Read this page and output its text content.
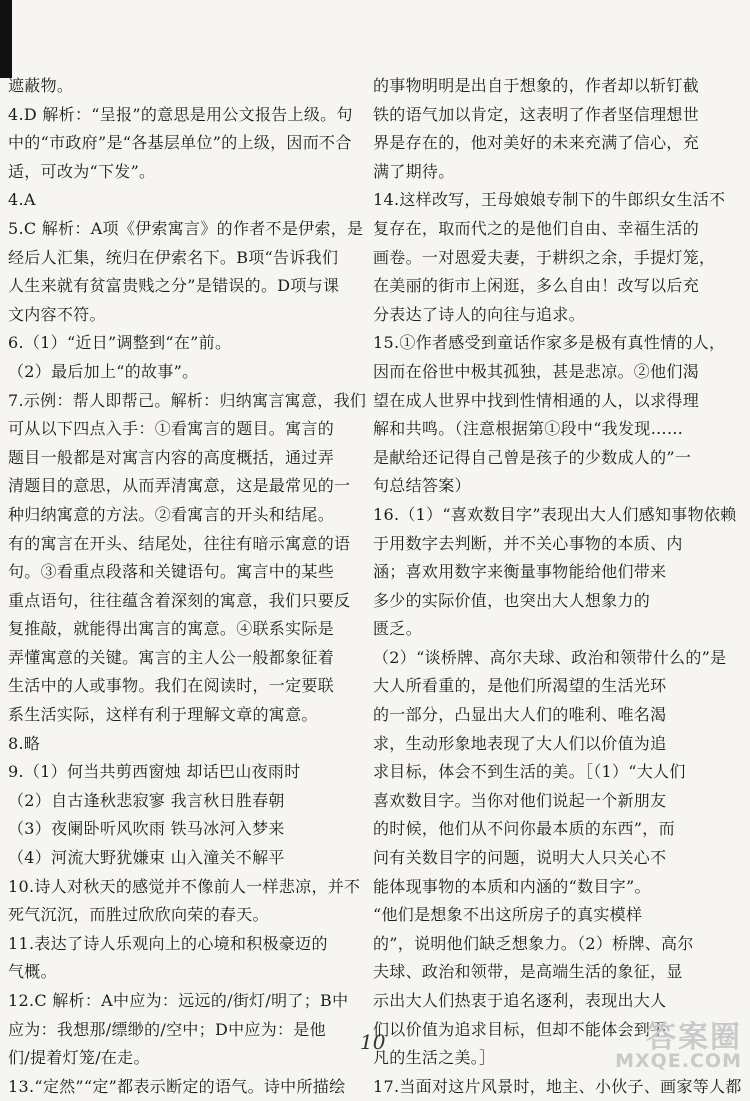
遮蔽物。
4.D 解析：“呈报”的意思是用公文报告上级。句
中的“市政府”是“各基层单位”的上级，因而不合
适，可改为“下发”。
4.A
5.C 解析：A项《伊索寓言》的作者不是伊索，是
经后人汇集，统归在伊索名下。B项“告诉我们
人生来就有贫富贵贱之分”是错误的。D项与课
文内容不符。
6.（1）“近日”调整到“在”前。
（2）最后加上“的故事”。
7.示例：帮人即帮己。解析：归纳寓言寓意，我们
可从以下四点入手：①看寓言的题目。寓言的
题目一般都是对寓言内容的高度概括，通过弄
清题目的意思，从而弄清寓意，这是最常见的一
种归纳寓意的方法。②看寓言的开头和结尾。
有的寓言在开头、结尾处，往往有暗示寓意的语
句。③看重点段落和关键语句。寓言中的某些
重点语句，往往蕴含着深刻的寓意，我们只要反
复推敲，就能得出寓言的寓意。④联系实际是
弄懂寓意的关键。寓言的主人公一般都象征着
生活中的人或事物。我们在阅读时，一定要联
系生活实际，这样有利于理解文章的寓意。
8.略
9.（1）何当共剪西窗烛 却话巴山夜雨时
（2）自古逢秋悲寂寥 我言秋日胜春朝
（3）夜阑卧听风吹雨 铁马冰河入梦来
（4）河流大野犹嫌束 山入潼关不解平
10.诗人对秋天的感觉并不像前人一样悲凉，并不
死气沉沉，而胜过欣欣向荣的春天。
11.表达了诗人乐观向上的心境和积极豪迈的
气概。
12.C 解析：A中应为：远远的/街灯/明了；B中
应为：我想那/缥缈的/空中；D中应为：是他
们/提着灯笼/在走。
13.“定然”“定”都表示断定的语气。诗中所描绘
的事物明明是出自于想象的，作者却以斩钉截
铁的语气加以肯定，这表明了作者坚信理想世
界是存在的，他对美好的未来充满了信心，充
满了期待。
14.这样改写，王母娘娘专制下的牛郎织女生活不
复存在，取而代之的是他们自由、幸福生活的
画卷。一对恩爱夫妻，于耕织之余，手提灯笼，
在美丽的街市上闲逛，多么自由！改写以后充
分表达了诗人的向往与追求。
15.①作者感受到童话作家多是极有真性情的人，
因而在俗世中极其孤独，甚是悲凉。②他们渴
望在成人世界中找到性情相通的人，以求得理
解和共鸣。（注意根据第①段中“我发现……
是献给还记得自己曾是孩子的少数成人的”一
句总结答案）
16.（1）“喜欢数目字”表现出大人们感知事物依赖
于用数字去判断，并不关心事物的本质、内
涵；喜欢用数字来衡量事物能给他们带来
多少的实际价值，也突出大人想象力的
匮乏。
（2）“谈桥牌、高尔夫球、政治和领带什么的”是
大人所看重的，是他们所渴望的生活光环
的一部分，凸显出大人们的唯利、唯名渴
求，生动形象地表现了大人们以价值为追
求目标，体会不到生活的美。［（1）“大人们
喜欢数目字。当你对他们说起一个新朋友
的时候，他们从不问你最本质的东西”，而
问有关数目字的问题，说明大人只关心不
能体现事物的本质和内涵的“数目字”。
“他们是想象不出这所房子的真实模样
的”，说明他们缺乏想象力。（2）桥牌、高尔
夫球、政治和领带，是高端生活的象征，显
示出大人们热衷于追名逐利，表现出大人
们以价值为追求目标，但却不能体会到平
凡的生活之美。］
17.当面对这片风景时，地主、小伙子、画家等人都
10	答案圈
MXQE.COM
